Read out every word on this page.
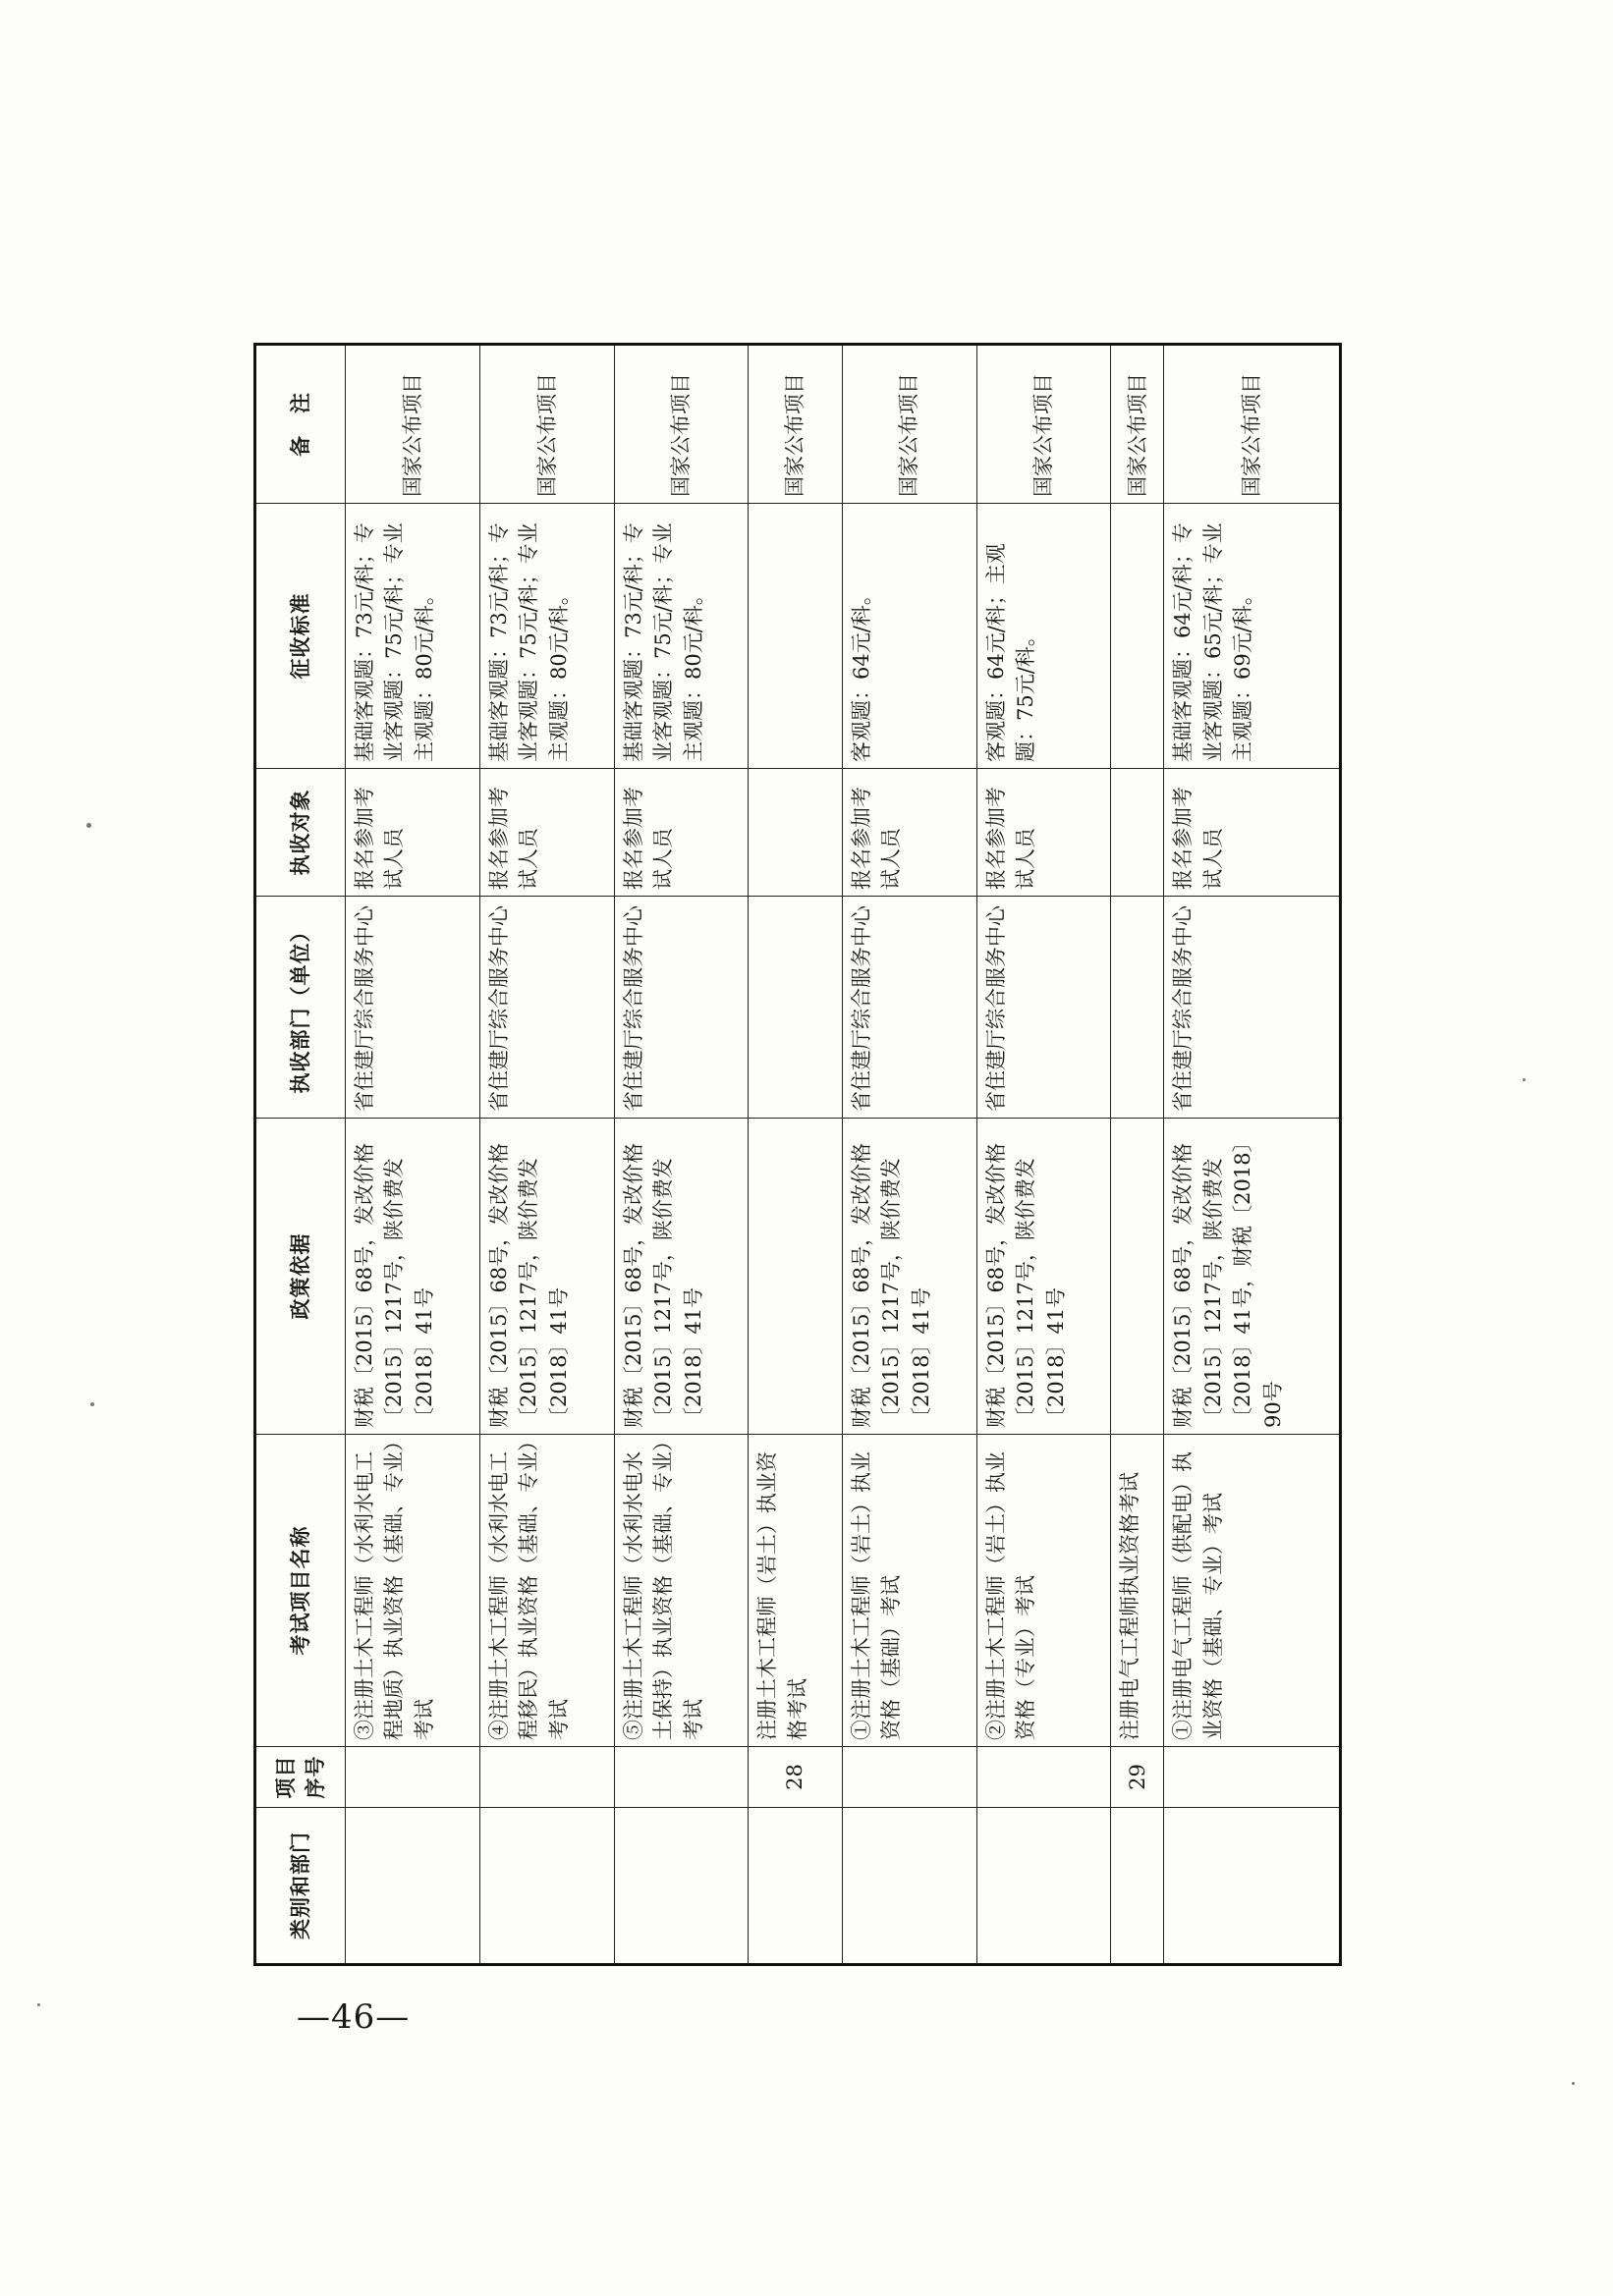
类别和部门	项目序号	考试项目名称	政策依据	执收部门（单位）	执收对象	征收标准	备　注
		③注册土木工程师（水利水电工程地质）执业资格（基础、专业）考试	财税〔2015〕68号，发改价格〔2015〕1217号，陕价费发〔2018〕41号	省住建厅综合服务中心	报名参加考试人员	基础客观题：73元/科；专业客观题：75元/科；专业主观题：80元/科。	国家公布项目
		④注册土木工程师（水利水电工程移民）执业资格（基础、专业）考试	财税〔2015〕68号，发改价格〔2015〕1217号，陕价费发〔2018〕41号	省住建厅综合服务中心	报名参加考试人员	基础客观题：73元/科；专业客观题：75元/科；专业主观题：80元/科。	国家公布项目
		⑤注册土木工程师（水利水电水土保持）执业资格（基础、专业）考试	财税〔2015〕68号，发改价格〔2015〕1217号，陕价费发〔2018〕41号	省住建厅综合服务中心	报名参加考试人员	基础客观题：73元/科；专业客观题：75元/科；专业主观题：80元/科。	国家公布项目
	28	注册土木工程师（岩土）执业资格考试					国家公布项目
		①注册土木工程师（岩土）执业资格（基础）考试	财税〔2015〕68号，发改价格〔2015〕1217号，陕价费发〔2018〕41号	省住建厅综合服务中心	报名参加考试人员	客观题：64元/科。	国家公布项目
		②注册土木工程师（岩土）执业资格（专业）考试	财税〔2015〕68号，发改价格〔2015〕1217号，陕价费发〔2018〕41号	省住建厅综合服务中心	报名参加考试人员	客观题：64元/科；主观题：75元/科。	国家公布项目
	29	注册电气工程师执业资格考试					国家公布项目
		①注册电气工程师（供配电）执业资格（基础、专业）考试	财税〔2015〕68号，发改价格〔2015〕1217号，陕价费发〔2018〕41号，财税〔2018〕90号	省住建厅综合服务中心	报名参加考试人员	基础客观题：64元/科；专业客观题：65元/科；专业主观题：69元/科。	国家公布项目
—46—
